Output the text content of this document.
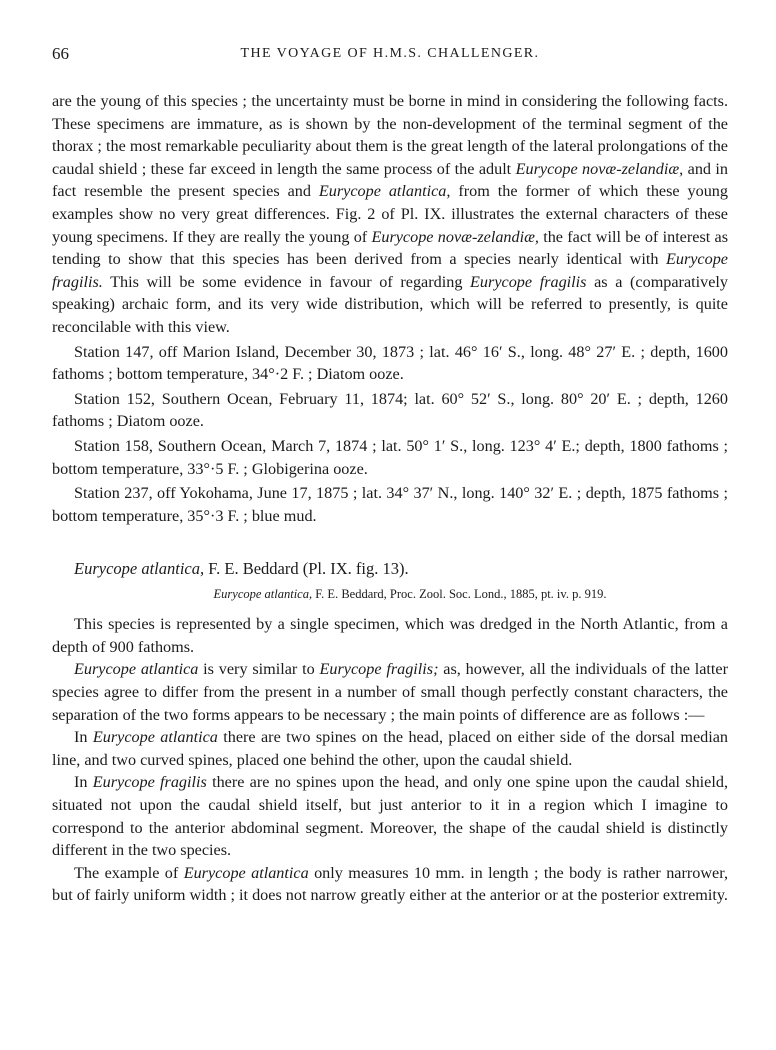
66	THE VOYAGE OF H.M.S. CHALLENGER.

are the young of this species ; the uncertainty must be borne in mind in considering the following facts. These specimens are immature, as is shown by the non-development of the terminal segment of the thorax ; the most remarkable peculiarity about them is the great length of the lateral prolongations of the caudal shield ; these far exceed in length the same process of the adult Eurycope novæ-zelandiæ, and in fact resemble the present species and Eurycope atlantica, from the former of which these young examples show no very great differences. Fig. 2 of Pl. IX. illustrates the external characters of these young specimens. If they are really the young of Eurycope novæ-zelandiæ, the fact will be of interest as tending to show that this species has been derived from a species nearly identical with Eurycope fragilis. This will be some evidence in favour of regarding Eurycope fragilis as a (comparatively speaking) archaic form, and its very wide distribution, which will be referred to presently, is quite reconcilable with this view.

Station 147, off Marion Island, December 30, 1873 ; lat. 46° 16′ S., long. 48° 27′ E. ; depth, 1600 fathoms ; bottom temperature, 34°·2 F. ; Diatom ooze.

Station 152, Southern Ocean, February 11, 1874; lat. 60° 52′ S., long. 80° 20′ E. ; depth, 1260 fathoms ; Diatom ooze.

Station 158, Southern Ocean, March 7, 1874 ; lat. 50° 1′ S., long. 123° 4′ E.; depth, 1800 fathoms ; bottom temperature, 33°·5 F. ; Globigerina ooze.

Station 237, off Yokohama, June 17, 1875 ; lat. 34° 37′ N., long. 140° 32′ E. ; depth, 1875 fathoms ; bottom temperature, 35°·3 F. ; blue mud.

Eurycope atlantica, F. E. Beddard (Pl. IX. fig. 13).
Eurycope atlantica, F. E. Beddard, Proc. Zool. Soc. Lond., 1885, pt. iv. p. 919.

This species is represented by a single specimen, which was dredged in the North Atlantic, from a depth of 900 fathoms.

Eurycope atlantica is very similar to Eurycope fragilis; as, however, all the individuals of the latter species agree to differ from the present in a number of small though perfectly constant characters, the separation of the two forms appears to be necessary ; the main points of difference are as follows :—

In Eurycope atlantica there are two spines on the head, placed on either side of the dorsal median line, and two curved spines, placed one behind the other, upon the caudal shield.

In Eurycope fragilis there are no spines upon the head, and only one spine upon the caudal shield, situated not upon the caudal shield itself, but just anterior to it in a region which I imagine to correspond to the anterior abdominal segment. Moreover, the shape of the caudal shield is distinctly different in the two species.

The example of Eurycope atlantica only measures 10 mm. in length ; the body is rather narrower, but of fairly uniform width ; it does not narrow greatly either at the anterior or at the posterior extremity.
